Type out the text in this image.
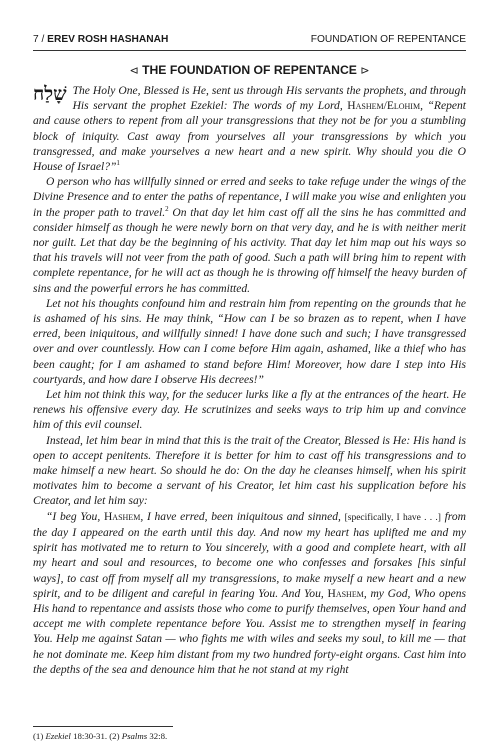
7 / EREV ROSH HASHANAH	FOUNDATION OF REPENTANCE
⊲ THE FOUNDATION OF REPENTANCE ⊳

שָׁלַח The Holy One, Blessed is He, sent us through His servants the prophets, and through His servant the prophet Ezekiel: The words of my Lord, Hashem/Elohim, “Repent and cause others to repent from all your transgressions that they not be for you a stumbling block of iniquity. Cast away from yourselves all your transgressions by which you transgressed, and make yourselves a new heart and a new spirit. Why should you die O House of Israel?”$^1$

O person who has willfully sinned or erred and seeks to take refuge under the wings of the Divine Presence and to enter the paths of repentance, I will make you wise and enlighten you in the proper path to travel.$^2$ On that day let him cast off all the sins he has committed and consider himself as though he were newly born on that very day, and he is with neither merit nor guilt. Let that day be the beginning of his activity. That day let him map out his ways so that his travels will not veer from the path of good. Such a path will bring him to repent with complete repentance, for he will act as though he is throwing off himself the heavy burden of sins and the powerful errors he has committed.

Let not his thoughts confound him and restrain him from repenting on the grounds that he is ashamed of his sins. He may think, “How can I be so brazen as to repent, when I have erred, been iniquitous, and willfully sinned! I have done such and such; I have transgressed over and over countlessly. How can I come before Him again, ashamed, like a thief who has been caught; for I am ashamed to stand before Him! Moreover, how dare I step into His courtyards, and how dare I observe His decrees!”

Let him not think this way, for the seducer lurks like a fly at the entrances of the heart. He renews his offensive every day. He scrutinizes and seeks ways to trip him up and convince him of this evil counsel.

Instead, let him bear in mind that this is the trait of the Creator, Blessed is He: His hand is open to accept penitents. Therefore it is better for him to cast off his transgressions and to make himself a new heart. So should he do: On the day he cleanses himself, when his spirit motivates him to become a servant of his Creator, let him cast his supplication before his Creator, and let him say:

“I beg You, Hashem, I have erred, been iniquitous and sinned, [specifically, I have . . .] from the day I appeared on the earth until this day. And now my heart has uplifted me and my spirit has motivated me to return to You sincerely, with a good and complete heart, with all my heart and soul and resources, to become one who confesses and forsakes [his sinful ways], to cast off from myself all my transgressions, to make myself a new heart and a new spirit, and to be diligent and careful in fearing You. And You, Hashem, my God, Who opens His hand to repentance and assists those who come to purify themselves, open Your hand and accept me with complete repentance before You. Assist me to strengthen myself in fearing You. Help me against Satan — who fights me with wiles and seeks my soul, to kill me — that he not dominate me. Keep him distant from my two hundred forty-eight organs. Cast him into the depths of the sea and denounce him that he not stand at my right

(1) Ezekiel 18:30-31. (2) Psalms 32:8.
